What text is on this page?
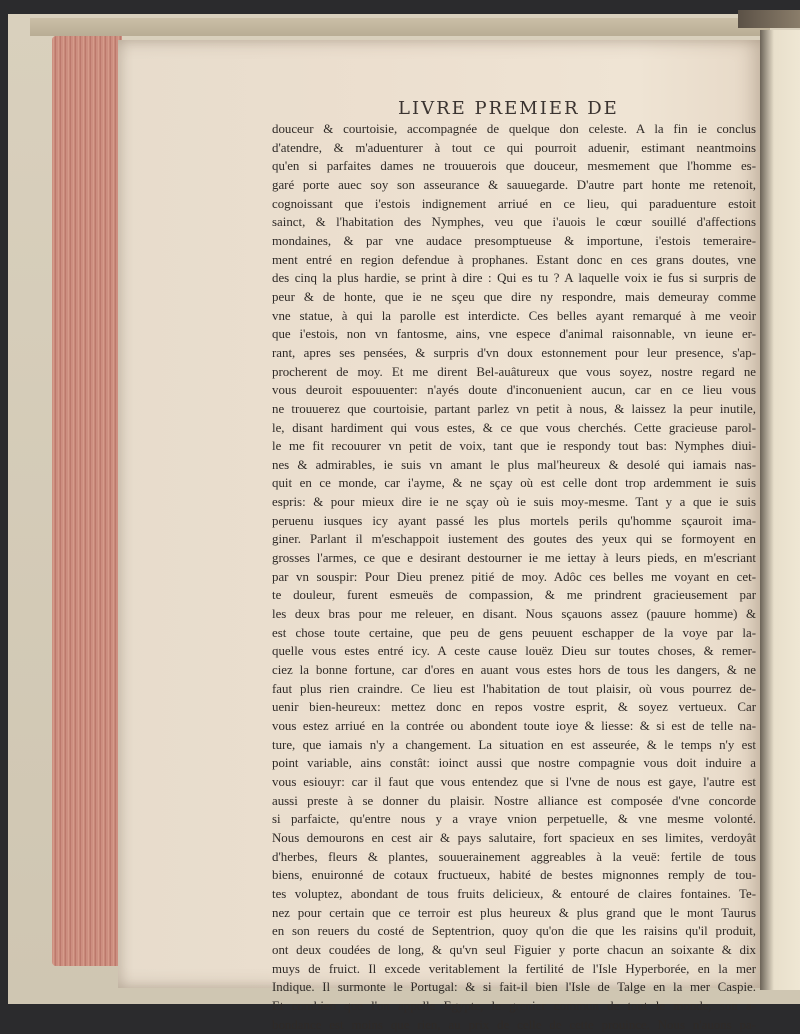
LIVRE PREMIER DE
douceur & courtoisie, accompagnée de quelque don celeste. A la fin ie conclus
d'atendre, & m'aduenturer à tout ce qui pourroit aduenir, estimant neantmoins
qu'en si parfaites dames ne trouuerois que douceur, mesmement que l'homme es-
garé porte auec soy son asseurance & sauuegarde. D'autre part honte me retenoit,
cognoissant que i'estois indignement arriué en ce lieu, qui paraduenture estoit
sainct, & l'habitation des Nymphes, veu que i'auois le cœur souillé d'affections
mondaines, & par vne audace presomptueuse & importune, i'estois temeraire-
ment entré en region defendue à prophanes. Estant donc en ces grans doutes, vne
des cinq la plus hardie, se print à dire : Qui es tu ? A laquelle voix ie fus si surpris de
peur & de honte, que ie ne sçeu que dire ny respondre, mais demeuray comme
vne statue, à qui la parolle est interdicte. Ces belles ayant remarqué à me veoir
que i'estois, non vn fantosme, ains, vne espece d'animal raisonnable, vn ieune er-
rant, apres ses pensées, & surpris d'vn doux estonnement pour leur presence, s'ap-
procherent de moy. Et me dirent Bel-auâtureux que vous soyez, nostre regard ne
vous deuroit espouuenter: n'ayés doute d'inconuenient aucun, car en ce lieu vous
ne trouuerez que courtoisie, partant parlez vn petit à nous, & laissez la peur inutile,
le, disant hardiment qui vous estes, & ce que vous cherchés. Cette gracieuse parol-
le me fit recouurer vn petit de voix, tant que ie respondy tout bas: Nymphes diui-
nes & admirables, ie suis vn amant le plus mal'heureux & desolé qui iamais nas-
quit en ce monde, car i'ayme, & ne sçay où est celle dont trop ardemment ie suis
espris: & pour mieux dire ie ne sçay où ie suis moy-mesme. Tant y a que ie suis
peruenu iusques icy ayant passé les plus mortels perils qu'homme sçauroit ima-
giner. Parlant il m'eschappoit iustement des goutes des yeux qui se formoyent en
grosses l'armes, ce que e desirant destourner ie me iettay à leurs pieds, en m'escriant
par vn souspir: Pour Dieu prenez pitié de moy. Adôc ces belles me voyant en cet-
te douleur, furent esmeuës de compassion, & me prindrent gracieusement par
les deux bras pour me releuer, en disant. Nous sçauons assez (pauure homme) &
est chose toute certaine, que peu de gens peuuent eschapper de la voye par la-
quelle vous estes entré icy. A ceste cause louëz Dieu sur toutes choses, & remer-
ciez la bonne fortune, car d'ores en auant vous estes hors de tous les dangers, & ne
faut plus rien craindre. Ce lieu est l'habitation de tout plaisir, où vous pourrez de-
uenir bien-heureux: mettez donc en repos vostre esprit, & soyez vertueux. Car
vous estez arriué en la contrée ou abondent toute ioye & liesse: & si est de telle na-
ture, que iamais n'y a changement. La situation en est asseurée, & le temps n'y est
point variable, ains constât: ioinct aussi que nostre compagnie vous doit induire a
vous esiouyr: car il faut que vous entendez que si l'vne de nous est gaye, l'autre est
aussi preste à se donner du plaisir. Nostre alliance est composée d'vne concorde
si parfaicte, qu'entre nous y a vraye vnion perpetuelle, & vne mesme volonté.
Nous demourons en cest air & pays salutaire, fort spacieux en ses limites, verdoyât
d'herbes, fleurs & plantes, souuerainement aggreables à la veuë: fertile de tous
biens, enuironné de cotaux fructueux, habité de bestes mignonnes remply de tou-
tes voluptez, abondant de tous fruits delicieux, & entouré de claires fontaines. Te-
nez pour certain que ce terroir est plus heureux & plus grand que le mont Taurus
en son reuers du costé de Septentrion, quoy qu'on die que les raisins qu'il produit,
ont deux coudées de long, & qu'vn seul Figuier y porte chacun an soixante & dix
muys de fruict. Il excede veritablement la fertilité de l'Isle Hyperborée, en la mer
Indique. Il surmonte le Portugal: & si fait-il bien l'Isle de Talge en la mer Caspie.
Et combien que l'on appelle Egypte, le grenier commun de tout le monde, son a-
bondance est moins que rien, au prix de celle de cette prouince. Nous n'auons pa-
